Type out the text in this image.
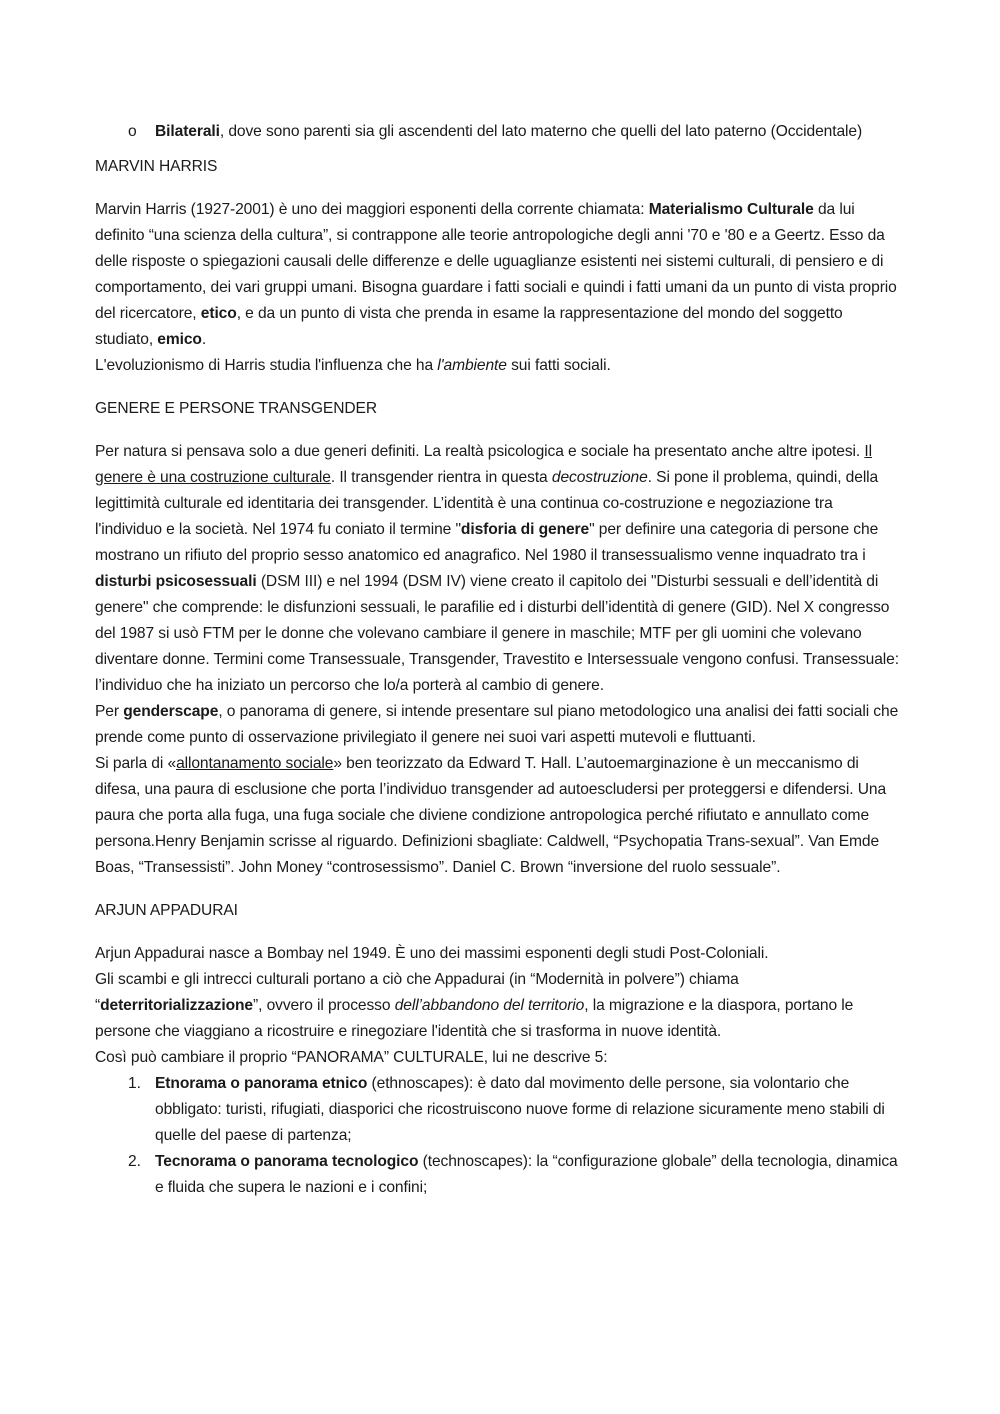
o	Bilaterali, dove sono parenti sia gli ascendenti del lato materno che quelli del lato paterno (Occidentale)

MARVIN HARRIS

Marvin Harris (1927-2001) è uno dei maggiori esponenti della corrente chiamata: Materialismo Culturale da lui definito “una scienza della cultura”, si contrappone alle teorie antropologiche degli anni '70 e '80 e a Geertz. Esso da delle risposte o spiegazioni causali delle differenze e delle uguaglianze esistenti nei sistemi culturali, di pensiero e di comportamento, dei vari gruppi umani. Bisogna guardare i fatti sociali e quindi i fatti umani da un punto di vista proprio del ricercatore, etico, e da un punto di vista che prenda in esame la rappresentazione del mondo del soggetto studiato, emico.

L'evoluzionismo di Harris studia l'influenza che ha l'ambiente sui fatti sociali.

GENERE E PERSONE TRANSGENDER

Per natura si pensava solo a due generi definiti. La realtà psicologica e sociale ha presentato anche altre ipotesi. Il genere è una costruzione culturale. Il transgender rientra in questa decostruzione. Si pone il problema, quindi, della legittimità culturale ed identitaria dei transgender. L’identità è una continua co-costruzione e negoziazione tra l'individuo e la società. Nel 1974 fu coniato il termine "disforia di genere" per definire una categoria di persone che mostrano un rifiuto del proprio sesso anatomico ed anagrafico. Nel 1980 il transessualismo venne inquadrato tra i disturbi psicosessuali (DSM III) e nel 1994 (DSM IV) viene creato il capitolo dei "Disturbi sessuali e dell’identità di genere" che comprende: le disfunzioni sessuali, le parafilie ed i disturbi dell’identità di genere (GID). Nel X congresso del 1987 si usò FTM per le donne che volevano cambiare il genere in maschile; MTF per gli uomini che volevano diventare donne. Termini come Transessuale, Transgender, Travestito e Intersessuale vengono confusi. Transessuale: l’individuo che ha iniziato un percorso che lo/a porterà al cambio di genere.

Per genderscape, o panorama di genere, si intende presentare sul piano metodologico una analisi dei fatti sociali che prende come punto di osservazione privilegiato il genere nei suoi vari aspetti mutevoli e fluttuanti.

Si parla di «allontanamento sociale» ben teorizzato da Edward T. Hall. L’autoemarginazione è un meccanismo di difesa, una paura di esclusione che porta l’individuo transgender ad autoescludersi per proteggersi e difendersi. Una paura che porta alla fuga, una fuga sociale che diviene condizione antropologica perché rifiutato e annullato come persona.Henry Benjamin scrisse al riguardo. Definizioni sbagliate: Caldwell, “Psychopatia Trans-sexual”. Van Emde Boas, “Transessisti”. John Money “controsessismo”. Daniel C. Brown “inversione del ruolo sessuale”.

ARJUN APPADURAI

Arjun Appadurai nasce a Bombay nel 1949. È uno dei massimi esponenti degli studi Post-Coloniali.

Gli scambi e gli intrecci culturali portano a ciò che Appadurai (in “Modernità in polvere”) chiama “deterritorializzazione”, ovvero il processo dell’abbandono del territorio, la migrazione e la diaspora, portano le persone che viaggiano a ricostruire e rinegoziare l'identità che si trasforma in nuove identità.

Così può cambiare il proprio “PANORAMA” CULTURALE, lui ne descrive 5:

1. Etnorama o panorama etnico (ethnoscapes): è dato dal movimento delle persone, sia volontario che obbligato: turisti, rifugiati, diasporici che ricostruiscono nuove forme di relazione sicuramente meno stabili di quelle del paese di partenza;
2. Tecnorama o panorama tecnologico (technoscapes): la “configurazione globale” della tecnologia, dinamica e fluida che supera le nazioni e i confini;
